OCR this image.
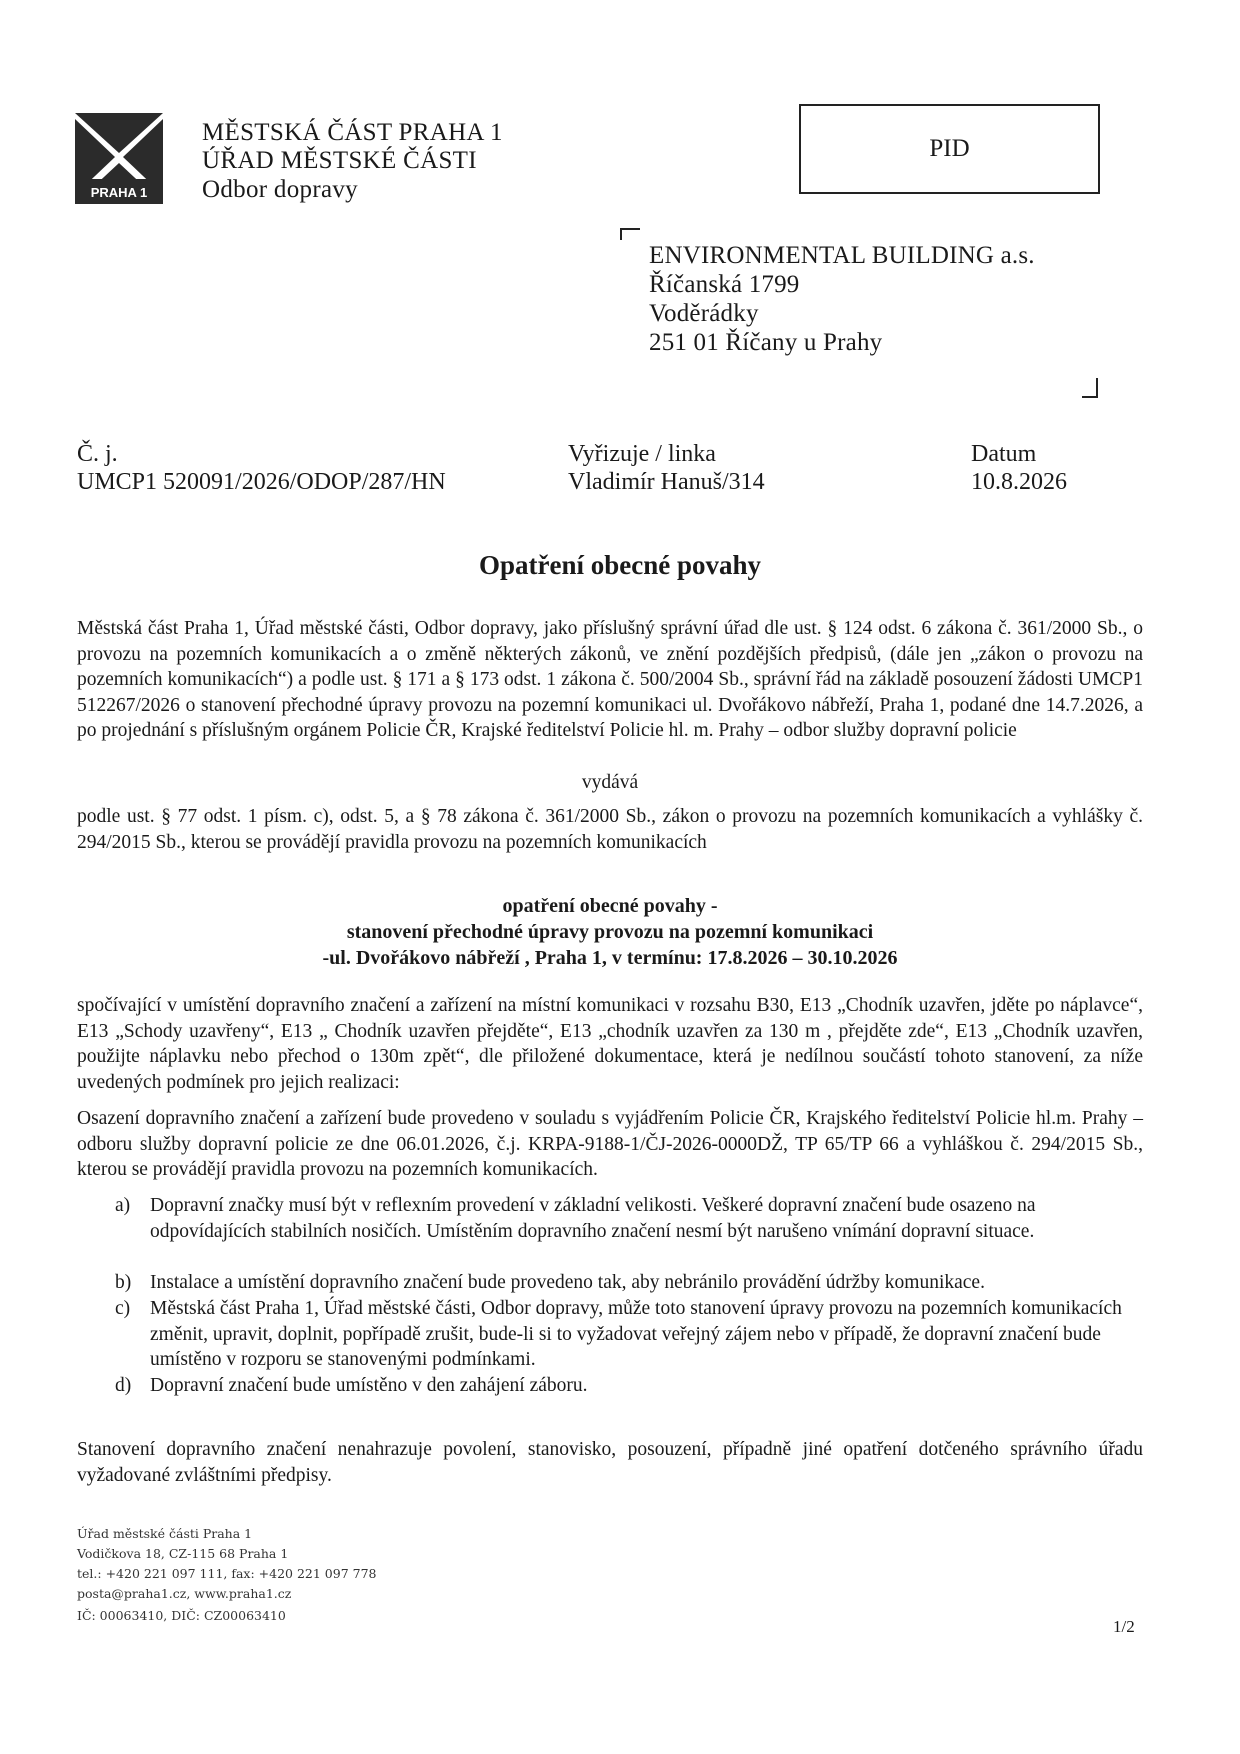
PRAHA 1
MĚSTSKÁ ČÁST PRAHA 1
ÚŘAD MĚSTSKÉ ČÁSTI
Odbor dopravy
PID
ENVIRONMENTAL BUILDING a.s.
Říčanská 1799
Voděrádky
251 01 Říčany u Prahy
Č. j.
UMCP1 520091/2026/ODOP/287/HN
Vyřizuje / linka
Vladimír Hanuš/314
Datum
10.8.2026
Opatření obecné povahy
Městská část Praha 1, Úřad městské části, Odbor dopravy, jako příslušný správní úřad dle ust. § 124 odst. 6 zákona č. 361/2000 Sb., o provozu na pozemních komunikacích a o změně některých zákonů, ve znění pozdějších předpisů, (dále jen „zákon o provozu na pozemních komunikacích“) a podle ust. § 171 a § 173 odst. 1 zákona č. 500/2004 Sb., správní řád na základě posouzení žádosti UMCP1 512267/2026 o stanovení přechodné úpravy provozu na pozemní komunikaci ul. Dvořákovo nábřeží, Praha 1, podané dne 14.7.2026, a po projednání s příslušným orgánem Policie ČR, Krajské ředitelství Policie hl. m. Prahy – odbor služby dopravní policie
vydává
podle ust. § 77 odst. 1 písm. c), odst. 5, a § 78 zákona č. 361/2000 Sb., zákon o provozu na pozemních komunikacích a vyhlášky č. 294/2015 Sb., kterou se provádějí pravidla provozu na pozemních komunikacích
opatření obecné povahy -
stanovení přechodné úpravy provozu na pozemní komunikaci
-ul. Dvořákovo nábřeží , Praha 1, v termínu: 17.8.2026 – 30.10.2026
spočívající v umístění dopravního značení a zařízení na místní komunikaci v rozsahu B30, E13 „Chodník uzavřen, jděte po náplavce“, E13 „Schody uzavřeny“, E13 „ Chodník uzavřen přejděte“, E13 „chodník uzavřen za 130 m , přejděte zde“, E13 „Chodník uzavřen, použijte náplavku nebo přechod o 130m zpět“, dle přiložené dokumentace, která je nedílnou součástí tohoto stanovení, za níže uvedených podmínek pro jejich realizaci:
Osazení dopravního značení a zařízení bude provedeno v souladu s vyjádřením Policie ČR, Krajského ředitelství Policie hl.m. Prahy – odboru služby dopravní policie ze dne 06.01.2026, č.j. KRPA-9188-1/ČJ-2026-0000DŽ, TP 65/TP 66 a vyhláškou č. 294/2015 Sb., kterou se provádějí pravidla provozu na pozemních komunikacích.
a)	Dopravní značky musí být v reflexním provedení v základní velikosti. Veškeré dopravní značení bude osazeno na odpovídajících stabilních nosičích. Umístěním dopravního značení nesmí být narušeno vnímání dopravní situace.
b) Instalace a umístění dopravního značení bude provedeno tak, aby nebránilo provádění údržby komunikace.
c)	Městská část Praha 1, Úřad městské části, Odbor dopravy, může toto stanovení úpravy provozu na pozemních komunikacích změnit, upravit, doplnit, popřípadě zrušit, bude-li si to vyžadovat veřejný zájem nebo v případě, že dopravní značení bude umístěno v rozporu se stanovenými podmínkami.
d) Dopravní značení bude umístěno v den zahájení záboru.
Stanovení dopravního značení nenahrazuje povolení, stanovisko, posouzení, případně jiné opatření dotčeného správního úřadu vyžadované zvláštními předpisy.
Úřad městské části Praha 1
Vodičkova 18, CZ-115 68 Praha 1
tel.: +420 221 097 111, fax: +420 221 097 778
posta@praha1.cz, www.praha1.cz
IČ: 00063410, DIČ: CZ00063410
1/2
